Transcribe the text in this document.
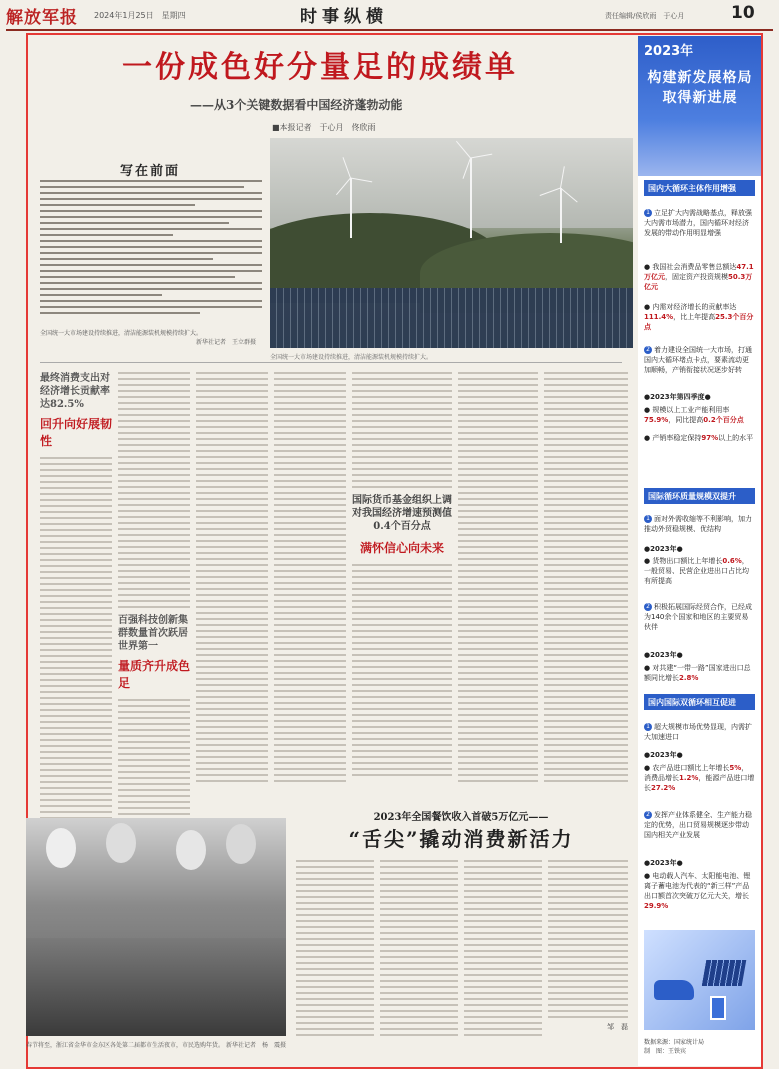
解放军报 2024年1月25日　星期四	时事纵横	责任编辑/侯欣雨　于心月	10
一份成色好分量足的成绩单
——从3个关键数据看中国经济蓬勃动能
■本报记者　于心月　佟欣雨
全国统一大市场建设持续推进，清洁能源装机规模持续扩大。
写在前面
全国统一大市场建设持续推进，清洁能源装机规模持续扩大。
新华社记者　王立群摄
最终消费支出对经济增长贡献率达82.5%
回升向好展韧性
百强科技创新集群数量首次跃居世界第一
量质齐升成色足
国际货币基金组织上调对我国经济增速预测值0.4个百分点
满怀信心向未来
2023年
构建新发展格局取得新进展
国内大循环主体作用增强
1 立足扩大内需战略基点，释放强大内需市场潜力，国内循环对经济发展的带动作用明显增强
● 我国社会消费品零售总额达47.1万亿元，固定资产投资规模50.3万亿元
● 内需对经济增长的贡献率达111.4%，比上年提高25.3个百分点
2 着力建设全国统一大市场，打通国内大循环堵点卡点，要素流动更加顺畅，产销衔接状况逐步好转
●2023年第四季度●
● 规模以上工业产能利用率75.9%，同比提高0.2个百分点
● 产销率稳定保持97%以上的水平
国际循环质量规模双提升
1 面对外需收缩等不利影响，加力推动外贸稳规模、优结构
●2023年●
● 货物出口额比上年增长0.6%，一般贸易、民营企业进出口占比均有所提高
2 积极拓展国际经贸合作，已经成为140余个国家和地区的主要贸易伙伴
●2023年●
● 对共建“一带一路”国家进出口总额同比增长2.8%
国内国际双循环相互促进
1 超大规模市场优势显现，内需扩大加速进口
●2023年●
● 农产品进口额比上年增长5%，消费品增长1.2%，能源产品进口增长27.2%
2 发挥产业体系健全、生产能力稳定的优势，出口贸易规模逐步带动国内相关产业发展
●2023年●
● 电动载人汽车、太阳能电池、锂离子蓄电池为代表的“新三样”产品出口额首次突破万亿元大关，增长29.9%
数据来源：国家统计局
制　图：王铁宾
春节将至，浙江省金华市金东区各处第二届都市生活夜市，市民选购年货。 新华社记者　杨　震摄
2023年全国餐饮收入首破5万亿元——
“舌尖”撬动消费新活力
邹　磊
